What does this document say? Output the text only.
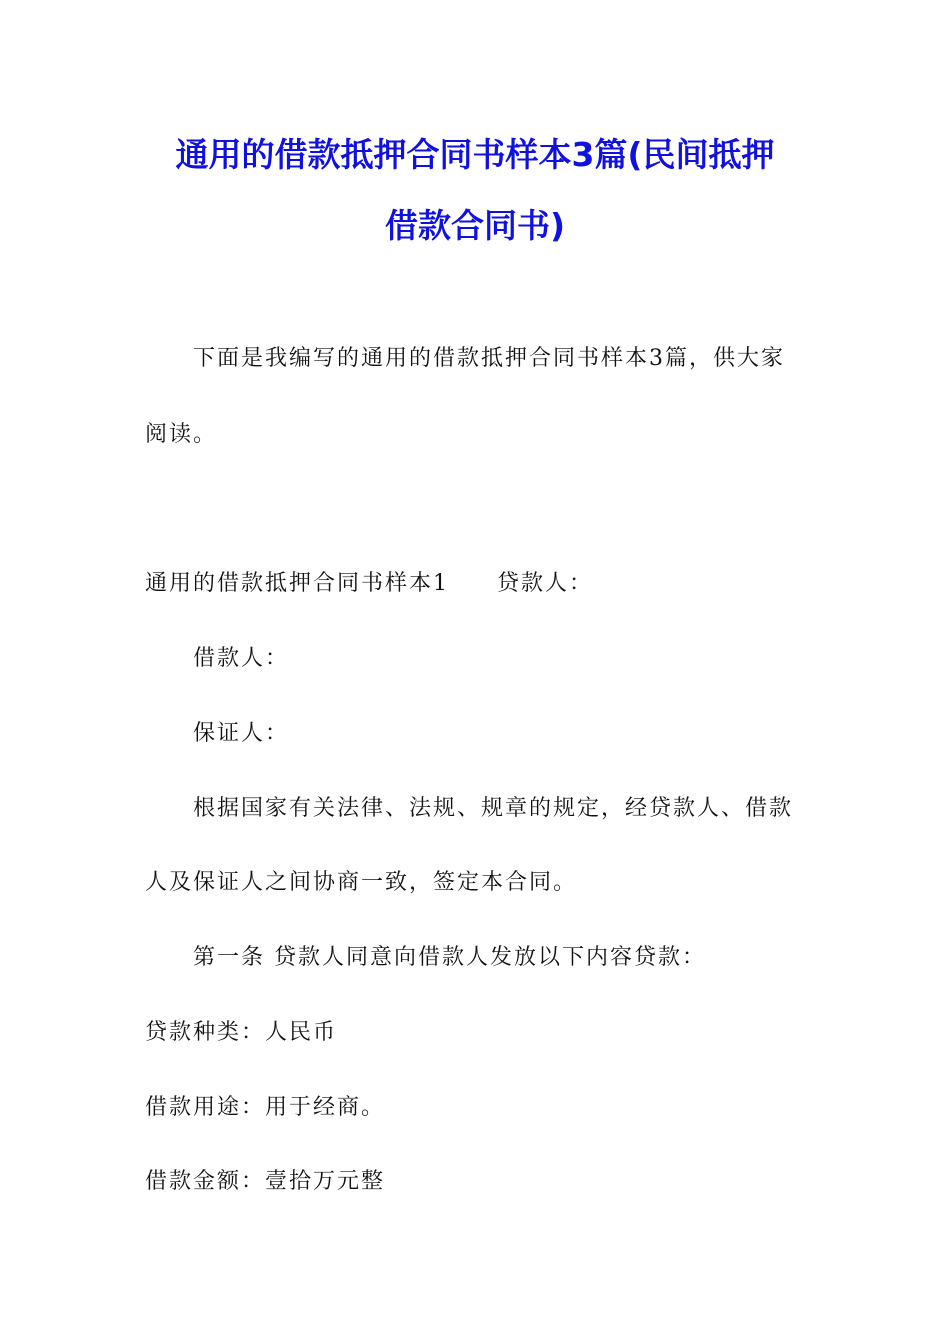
通用的借款抵押合同书样本3篇(民间抵押
借款合同书)
下面是我编写的通用的借款抵押合同书样本3篇，供大家
阅读。
通用的借款抵押合同书样本1 贷款人：
借款人：
保证人：
根据国家有关法律、法规、规章的规定，经贷款人、借款
人及保证人之间协商一致，签定本合同。
第一条 贷款人同意向借款人发放以下内容贷款：
贷款种类：人民币
借款用途：用于经商。
借款金额：壹拾万元整
